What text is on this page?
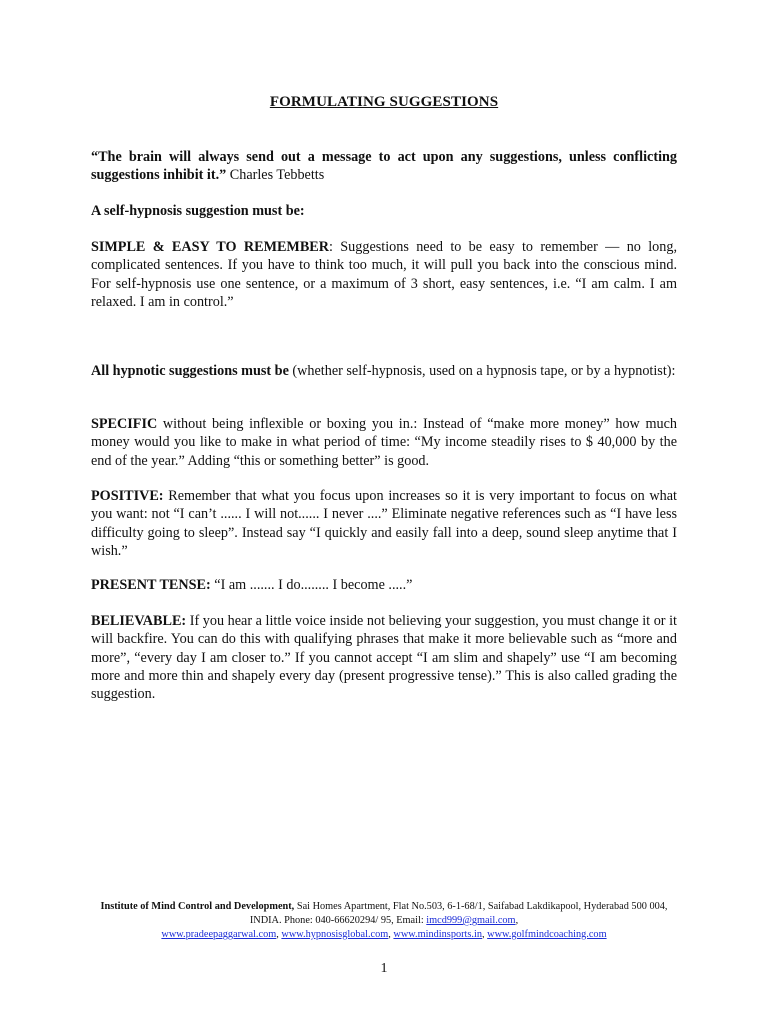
FORMULATING SUGGESTIONS

“The brain will always send out a message to act upon any suggestions, unless conflicting suggestions inhibit it.” Charles Tebbetts

A self-hypnosis suggestion must be:

SIMPLE & EASY TO REMEMBER: Suggestions need to be easy to remember — no long, complicated sentences. If you have to think too much, it will pull you back into the conscious mind. For self-hypnosis use one sentence, or a maximum of 3 short, easy sentences, i.e. “I am calm. I am relaxed. I am in control.”

All hypnotic suggestions must be (whether self-hypnosis, used on a hypnosis tape, or by a hypnotist):

SPECIFIC without being inflexible or boxing you in.: Instead of “make more money” how much money would you like to make in what period of time: “My income steadily rises to $ 40,000 by the end of the year.” Adding “this or something better” is good.

POSITIVE: Remember that what you focus upon increases so it is very important to focus on what you want: not “I can’t ...... I will not...... I never ....” Eliminate negative references such as “I have less difficulty going to sleep”. Instead say “I quickly and easily fall into a deep, sound sleep anytime that I wish.”

PRESENT TENSE: “I am ....... I do........ I become .....”

BELIEVABLE: If you hear a little voice inside not believing your suggestion, you must change it or it will backfire. You can do this with qualifying phrases that make it more believable such as “more and more”, “every day I am closer to.” If you cannot accept “I am slim and shapely” use “I am becoming more and more thin and shapely every day (present progressive tense).” This is also called grading the suggestion.

Institute of Mind Control and Development, Sai Homes Apartment, Flat No.503, 6-1-68/1, Saifabad Lakdikapool, Hyderabad 500 004, INDIA. Phone: 040-66620294/ 95, Email: imcd999@gmail.com,
www.pradeepaggarwal.com, www.hypnosisglobal.com, www.mindinsports.in, www.golfmindcoaching.com
1
